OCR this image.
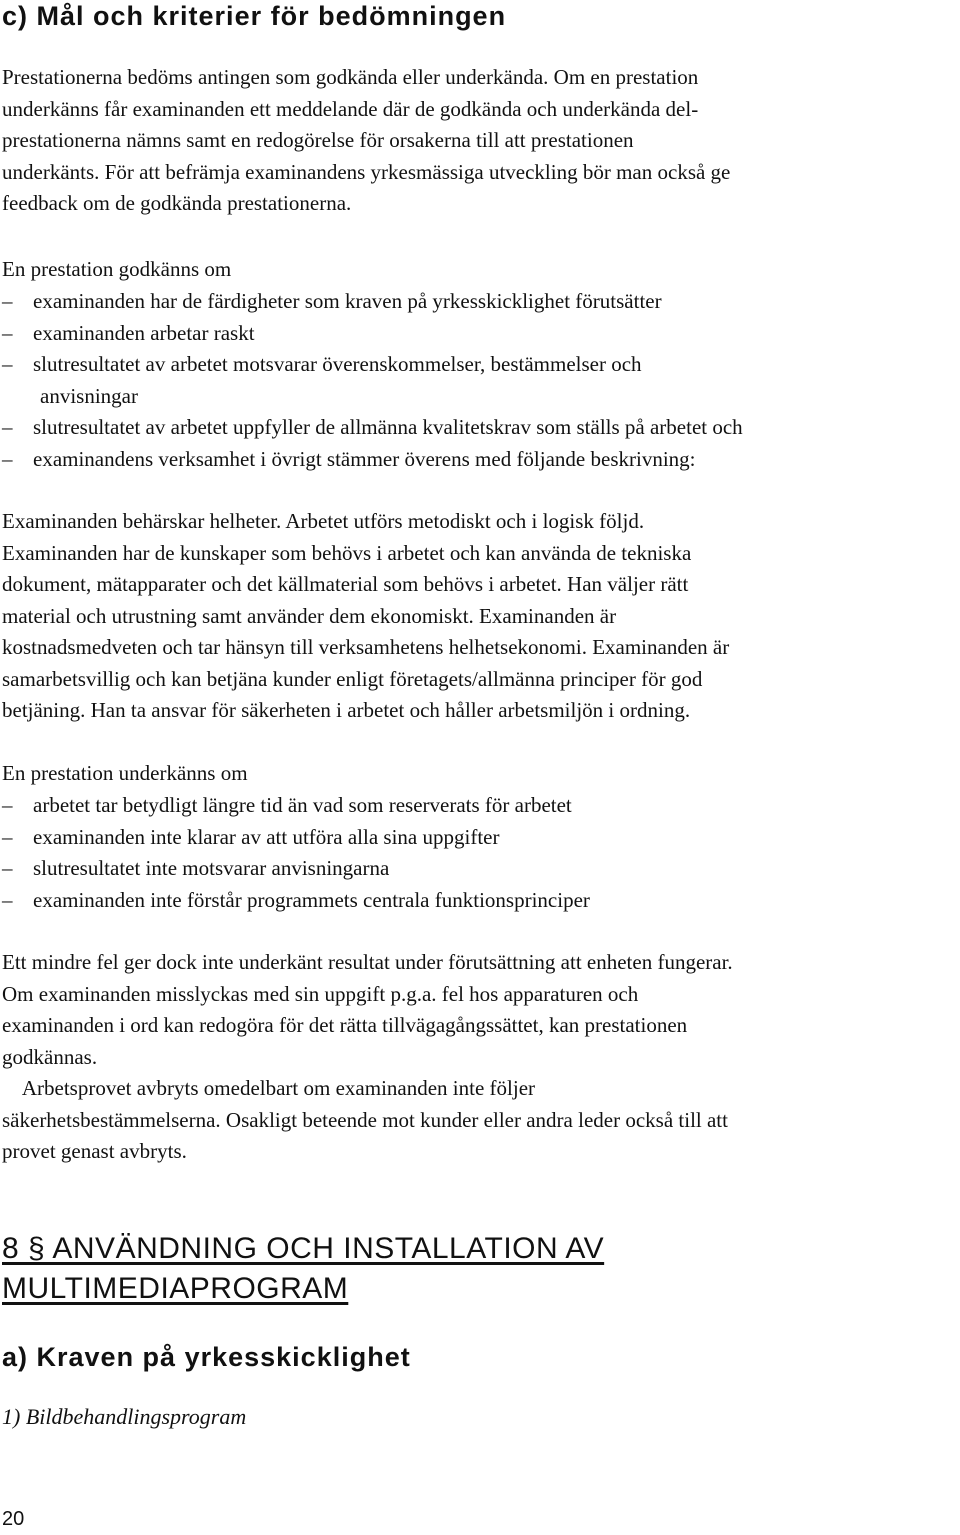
c) Mål och kriterier för bedömningen

Prestationerna bedöms antingen som godkända eller underkända. Om en prestation
underkänns får examinanden ett meddelande där de godkända och underkända del-
prestationerna nämns samt en redogörelse för orsakerna till att prestationen
underkänts. För att befrämja examinandens yrkesmässiga utveckling bör man också ge
feedback om de godkända prestationerna.

En prestation godkänns om

– examinanden har de färdigheter som kraven på yrkesskicklighet förutsätter
– examinanden arbetar raskt
– slutresultatet av arbetet motsvarar överenskommelser, bestämmelser och
anvisningar
– slutresultatet av arbetet uppfyller de allmänna kvalitetskrav som ställs på arbetet och
– examinandens verksamhet i övrigt stämmer överens med följande beskrivning:

Examinanden behärskar helheter. Arbetet utförs metodiskt och i logisk följd.
Examinanden har de kunskaper som behövs i arbetet och kan använda de tekniska
dokument, mätapparater och det källmaterial som behövs i arbetet. Han väljer rätt
material och utrustning samt använder dem ekonomiskt. Examinanden är
kostnadsmedveten och tar hänsyn till verksamhetens helhetsekonomi. Examinanden är
samarbetsvillig och kan betjäna kunder enligt företagets/allmänna principer för god
betjäning. Han ta ansvar för säkerheten i arbetet och håller arbetsmiljön i ordning.

En prestation underkänns om

– arbetet tar betydligt längre tid än vad som reserverats för arbetet
– examinanden inte klarar av att utföra alla sina uppgifter
– slutresultatet inte motsvarar anvisningarna
– examinanden inte förstår programmets centrala funktionsprinciper

Ett mindre fel ger dock inte underkänt resultat under förutsättning att enheten fungerar.
Om examinanden misslyckas med sin uppgift p.g.a. fel hos apparaturen och
examinanden i ord kan redogöra för det rätta tillvägagångssättet, kan prestationen
godkännas.
Arbetsprovet avbryts omedelbart om examinanden inte följer
säkerhetsbestämmelserna. Osakligt beteende mot kunder eller andra leder också till att
provet genast avbryts.

8 § ANVÄNDNING OCH INSTALLATION AV
MULTIMEDIAPROGRAM
a) Kraven på yrkesskicklighet

1) Bildbehandlingsprogram

20
